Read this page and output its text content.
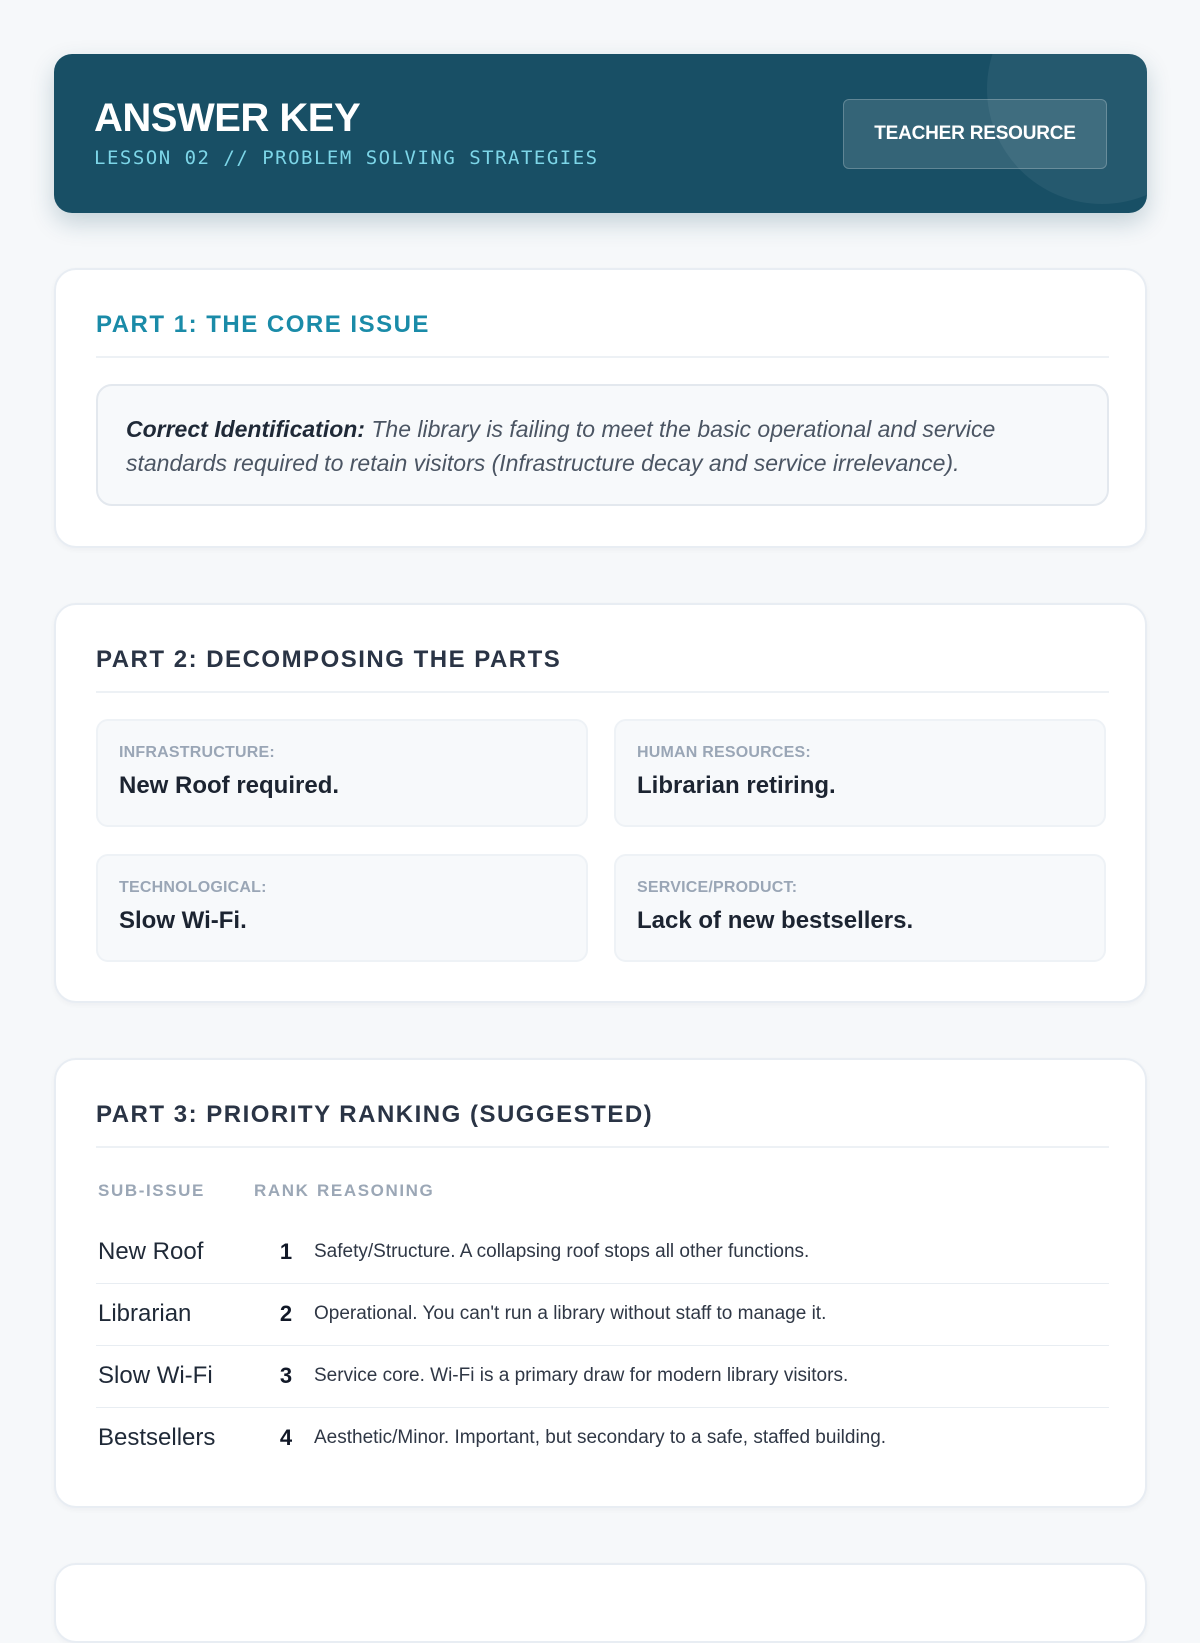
ANSWER KEY
LESSON 02 // PROBLEM SOLVING STRATEGIES
TEACHER RESOURCE
PART 1: THE CORE ISSUE
Correct Identification: The library is failing to meet the basic operational and service standards required to retain visitors (Infrastructure decay and service irrelevance).
PART 2: DECOMPOSING THE PARTS
INFRASTRUCTURE:
New Roof required.
HUMAN RESOURCES:
Librarian retiring.
TECHNOLOGICAL:
Slow Wi-Fi.
SERVICE/PRODUCT:
Lack of new bestsellers.
PART 3: PRIORITY RANKING (SUGGESTED)
SUB-ISSUE	RANK REASONING
New Roof	1	Safety/Structure. A collapsing roof stops all other functions.
Librarian	2	Operational. You can't run a library without staff to manage it.
Slow Wi-Fi	3	Service core. Wi-Fi is a primary draw for modern library visitors.
Bestsellers	4	Aesthetic/Minor. Important, but secondary to a safe, staffed building.
